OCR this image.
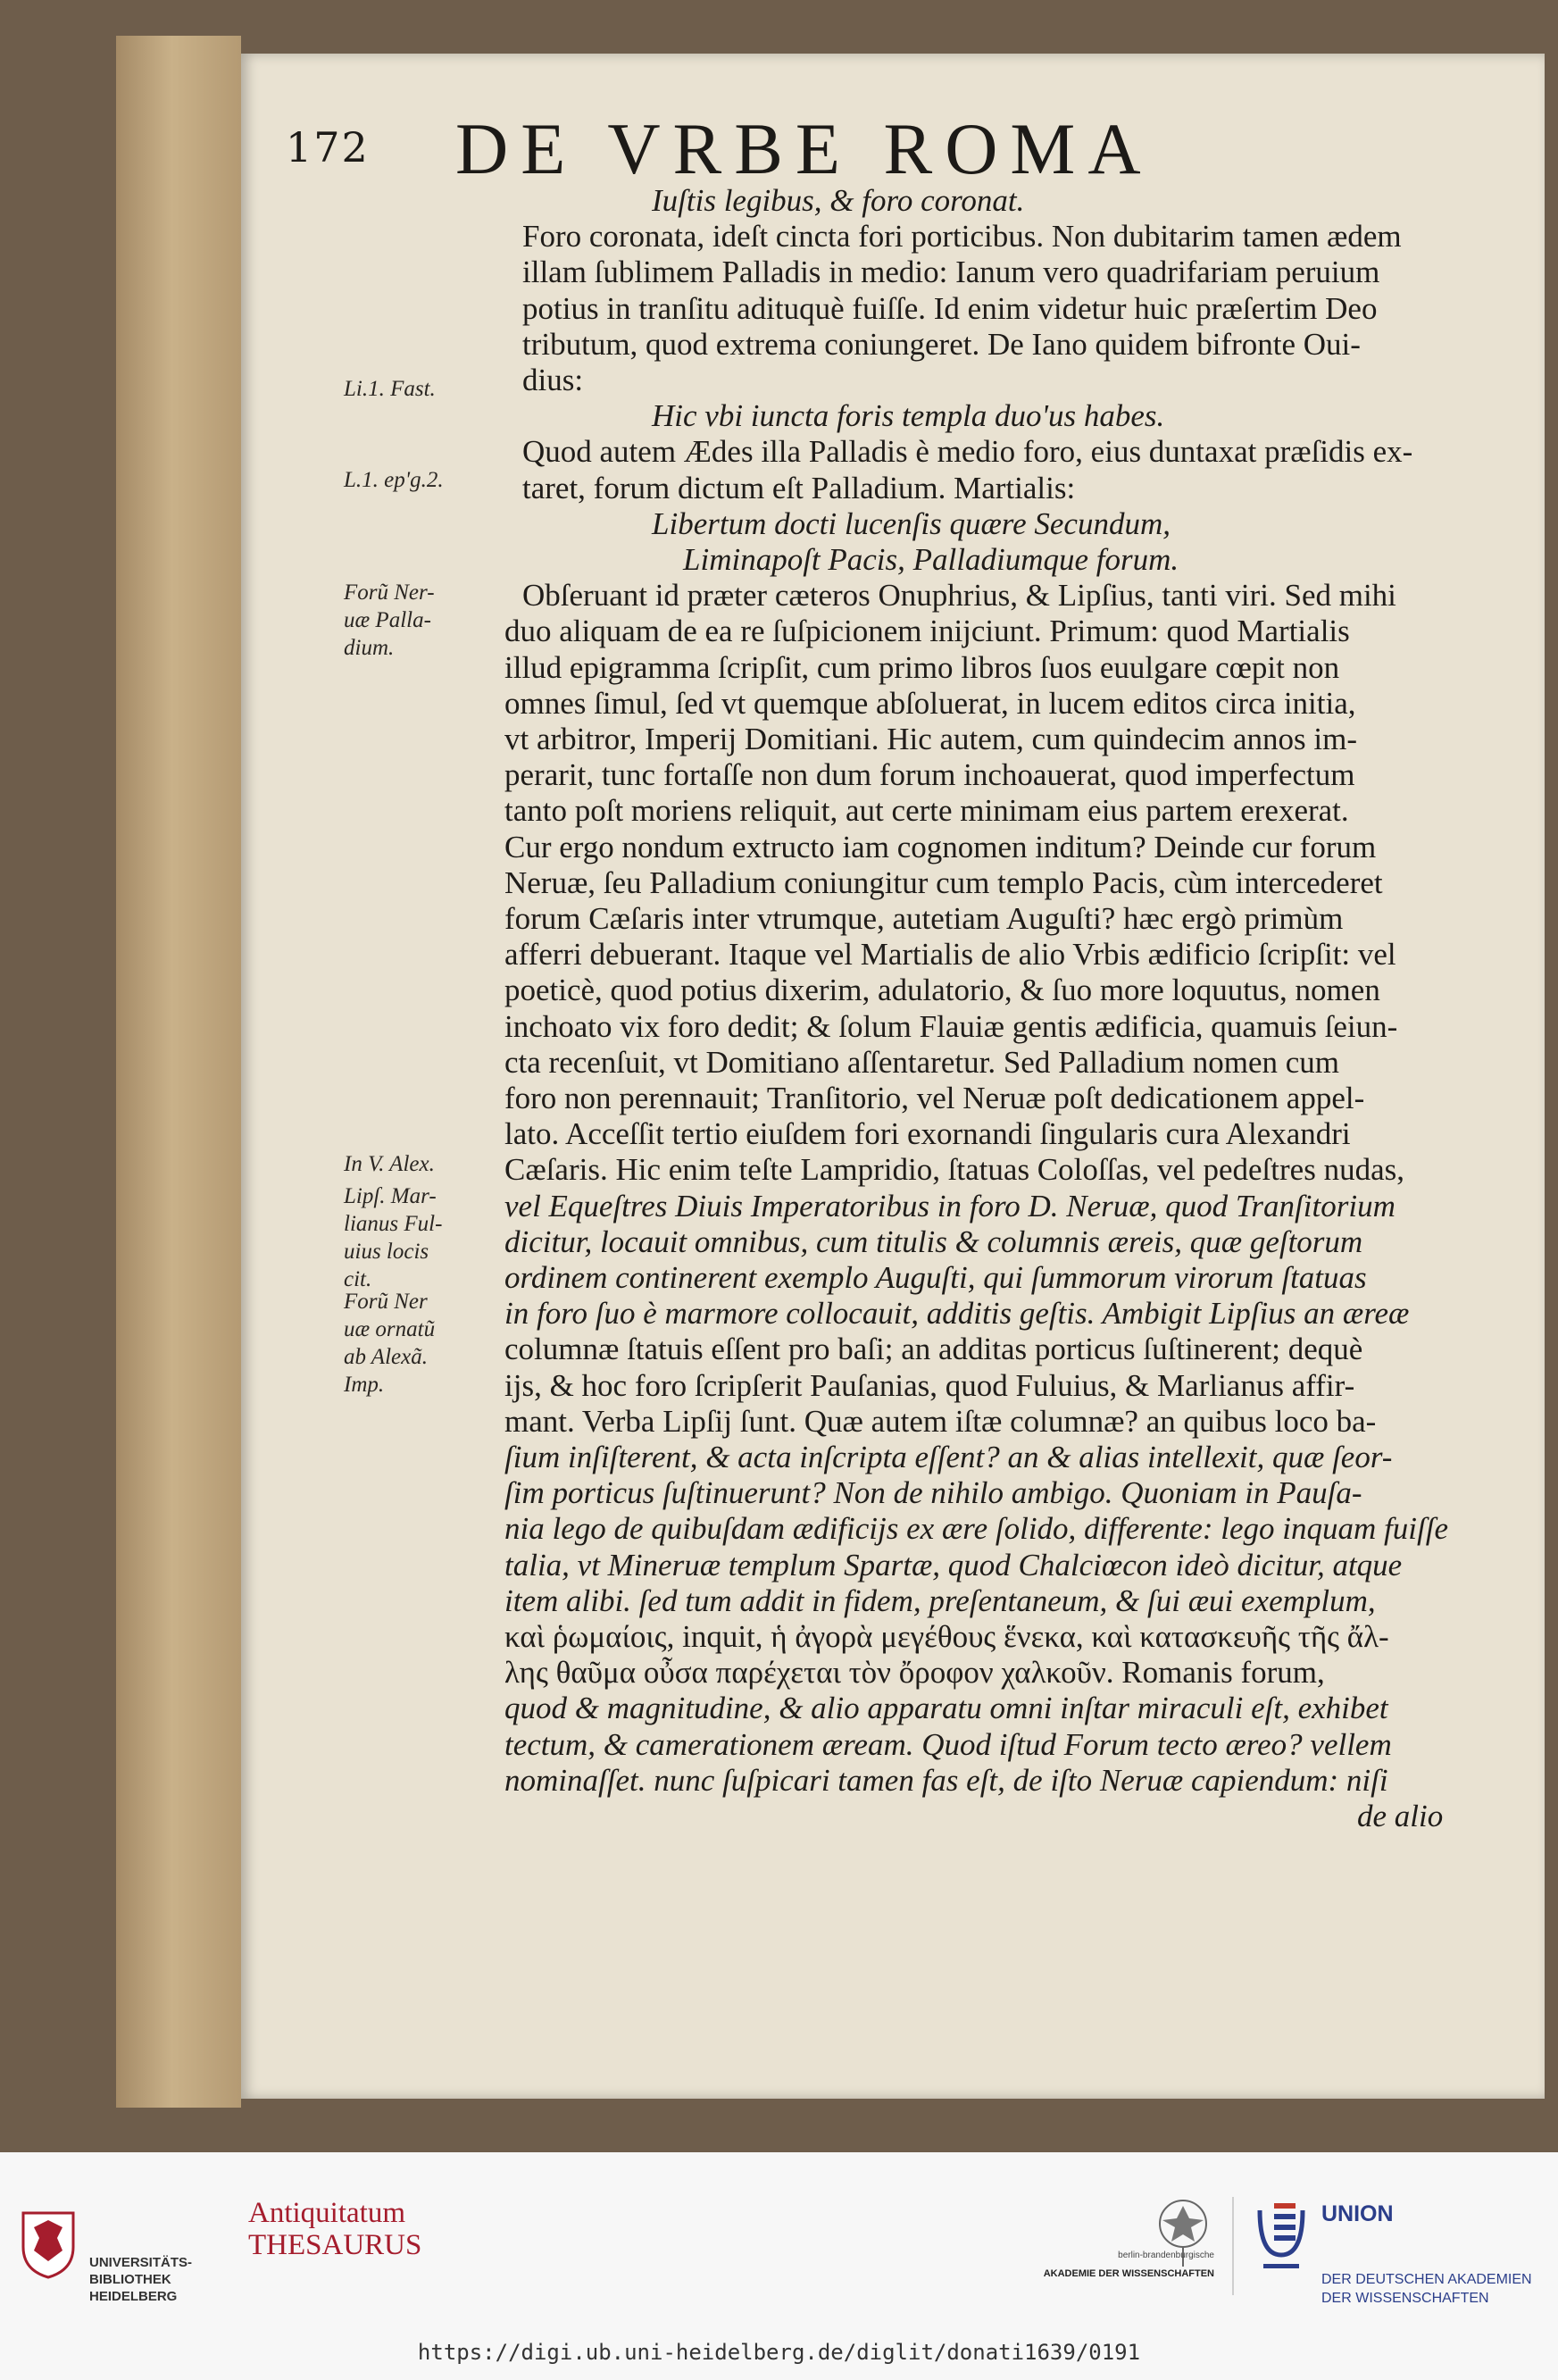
172 DE VRBE ROMA
Li.1. Fast.
L.1. ep'g.2.
Forũ Ner-
uæ Palla-
dium.
In V. Alex.
Lipſ. Mar-
lianus Ful-
uius locis
cit.
Forũ Ner
uæ ornatũ
ab Alexã.
Imp.
Iuſtis legibus, & foro coronat.
Foro coronata, ideſt cincta fori porticibus. Non dubitarim tamen ædem
illam ſublimem Palladis in medio: Ianum vero quadrifariam peruium
potius in tranſitu adituquè fuiſſe. Id enim videtur huic præſertim Deo
tributum, quod extrema coniungeret. De Iano quidem bifronte Oui-
dius:
Hic vbi iuncta foris templa duo'us habes.
Quod autem Ædes illa Palladis è medio foro, eius duntaxat præſidis ex-
taret, forum dictum eſt Palladium. Martialis:
Libertum docti lucenſis quære Secundum,
Liminapoſt Pacis, Palladiumque forum.
Obſeruant id præter cæteros Onuphrius, & Lipſius, tanti viri. Sed mihi
duo aliquam de ea re ſuſpicionem inijciunt. Primum: quod Martialis
illud epigramma ſcripſit, cum primo libros ſuos euulgare cœpit non
omnes ſimul, ſed vt quemque abſoluerat, in lucem editos circa initia,
vt arbitror, Imperij Domitiani. Hic autem, cum quindecim annos im-
perarit, tunc fortaſſe non dum forum inchoauerat, quod imperfectum
tanto poſt moriens reliquit, aut certe minimam eius partem erexerat.
Cur ergo nondum extructo iam cognomen inditum? Deinde cur forum
Neruæ, ſeu Palladium coniungitur cum templo Pacis, cùm intercederet
forum Cæſaris inter vtrumque, autetiam Auguſti? hæc ergò primùm
afferri debuerant. Itaque vel Martialis de alio Vrbis ædificio ſcripſit: vel
poeticè, quod potius dixerim, adulatorio, & ſuo more loquutus, nomen
inchoato vix foro dedit; & ſolum Flauiæ gentis ædificia, quamuis ſeiun-
cta recenſuit, vt Domitiano aſſentaretur. Sed Palladium nomen cum
foro non perennauit; Tranſitorio, vel Neruæ poſt dedicationem appel-
lato. Acceſſit tertio eiuſdem fori exornandi ſingularis cura Alexandri
Cæſaris. Hic enim teſte Lampridio, ſtatuas Coloſſas, vel pedeſtres nudas,
vel Equeſtres Diuis Imperatoribus in foro D. Neruæ, quod Tranſitorium
dicitur, locauit omnibus, cum titulis & columnis æreis, quæ geſtorum
ordinem continerent exemplo Auguſti, qui ſummorum virorum ſtatuas
in foro ſuo è marmore collocauit, additis geſtis. Ambigit Lipſius an æreæ
columnæ ſtatuis eſſent pro baſi; an additas porticus ſuſtinerent; dequè
ijs, & hoc foro ſcripſerit Pauſanias, quod Fuluius, & Marlianus affir-
mant. Verba Lipſij ſunt. Quæ autem iſtæ columnæ? an quibus loco ba-
ſium inſiſterent, & acta inſcripta eſſent? an & alias intellexit, quæ ſeor-
ſim porticus ſuſtinuerunt? Non de nihilo ambigo. Quoniam in Pauſa-
nia lego de quibuſdam ædificijs ex ære ſolido, differente: lego inquam fuiſſe
talia, vt Mineruæ templum Spartæ, quod Chalciœcon ideò dicitur, atque
item alibi. ſed tum addit in fidem, preſentaneum, & ſui æui exemplum,
καὶ ῥωμαίοις, inquit, ἡ ἀγορὰ μεγέθους ἕνεκα, καὶ κατασκευῆς τῆς ἄλ-
λης θαῦμα οὖσα παρέχεται τὸν ὄροφον χαλκοῦν. Romanis forum,
quod & magnitudine, & alio apparatu omni inſtar miraculi eſt, exhibet
tectum, & camerationem æream. Quod iſtud Forum tecto æreo? vellem
nominaſſet. nunc ſuſpicari tamen fas eſt, de iſto Neruæ capiendum: niſi
de alio

UNIVERSITÄTS-
BIBLIOTHEK
HEIDELBERG

Antiquitatum
THESAURUS	berlin-brandenburgische
AKADEMIE DER WISSENSCHAFTEN
UNION

DER DEUTSCHEN AKADEMIEN
DER WISSENSCHAFTEN

https://digi.ub.uni-heidelberg.de/diglit/donati1639/0191
